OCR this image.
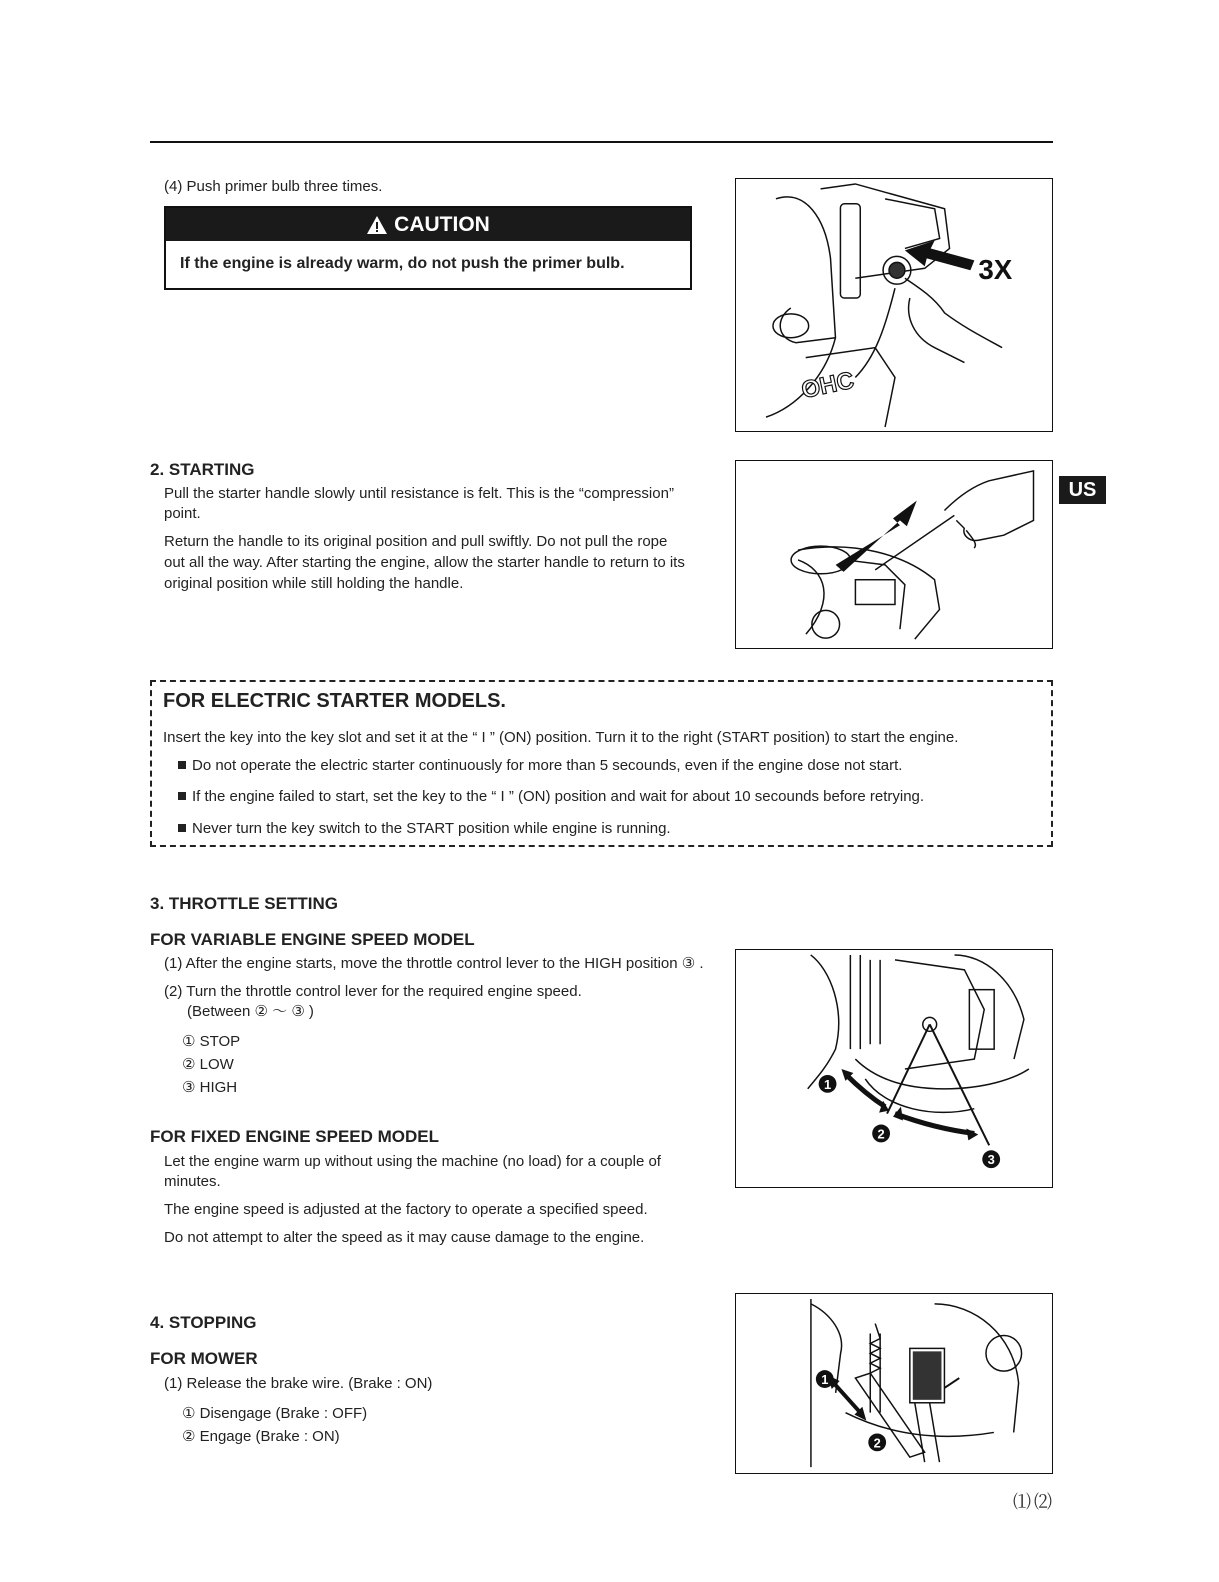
(4) Push primer bulb three times.
CAUTION
If the engine is already warm, do not push the primer bulb.
OHC
3X
2. STARTING
Pull the starter handle slowly until resistance is felt. This is the “compression”
point.
Return the handle to its original position and pull swiftly. Do not pull the rope
out all the way. After starting the engine, allow the starter handle to return to its
original position while still holding the handle.
US
FOR ELECTRIC STARTER MODELS.
Insert the key into the key slot and set it at the “ I ” (ON) position. Turn it to the right (START position) to start the engine.
Do not operate the electric starter continuously for more than 5 secounds, even if the engine dose not start.
If the engine failed to start, set the key to the “ I ” (ON) position and wait for about 10 secounds before retrying.
Never turn the key switch to the START position while engine is running.
3. THROTTLE SETTING
FOR VARIABLE ENGINE SPEED MODEL
(1) After the engine starts, move the throttle control lever to the HIGH position ③ .
(2) Turn the throttle control lever for the required engine speed.
(Between ② 〜 ③ )
① STOP
② LOW
③ HIGH
FOR FIXED ENGINE SPEED MODEL
Let the engine warm up without using the machine (no load) for a couple of
minutes.
The engine speed is adjusted at the factory to operate a specified speed.
Do not attempt to alter the speed as it may cause damage to the engine.
1
2
3
4. STOPPING
FOR MOWER
(1) Release the brake wire. (Brake : ON)
① Disengage (Brake : OFF)
② Engage (Brake : ON)
1
2
⑴⑵
